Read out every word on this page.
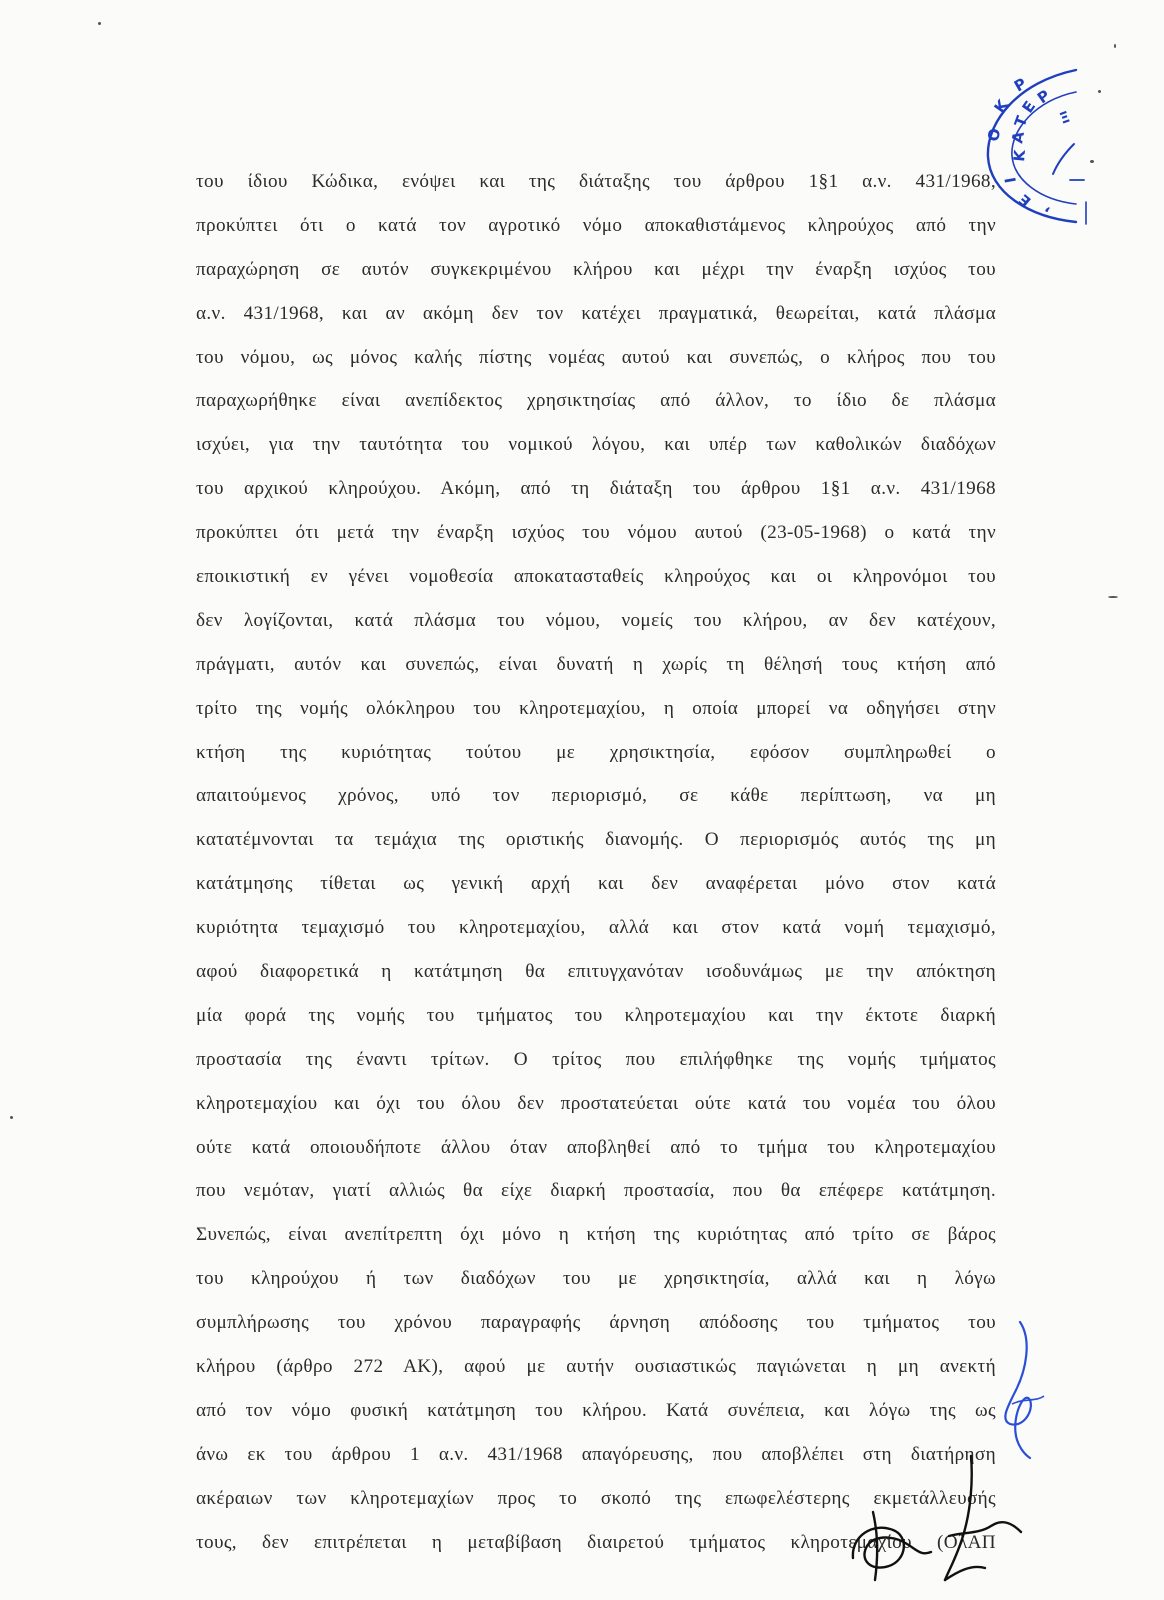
του ίδιου Κώδικα, ενόψει και της διάταξης του άρθρου 1§1 α.ν. 431/1968,
προκύπτει ότι ο κατά τον αγροτικό νόμο αποκαθιστάμενος κληρούχος από την
παραχώρηση σε αυτόν συγκεκριμένου κλήρου και μέχρι την έναρξη ισχύος του
α.ν. 431/1968, και αν ακόμη δεν τον κατέχει πραγματικά, θεωρείται, κατά πλάσμα
του νόμου, ως μόνος καλής πίστης νομέας αυτού και συνεπώς, ο κλήρος που του
παραχωρήθηκε είναι ανεπίδεκτος χρησικτησίας από άλλον, το ίδιο δε πλάσμα
ισχύει, για την ταυτότητα του νομικού λόγου, και υπέρ των καθολικών διαδόχων
του αρχικού κληρούχου. Ακόμη, από τη διάταξη του άρθρου 1§1 α.ν. 431/1968
προκύπτει ότι μετά την έναρξη ισχύος του νόμου αυτού (23-05-1968) ο κατά την
εποικιστική εν γένει νομοθεσία αποκατασταθείς κληρούχος και οι κληρονόμοι του
δεν λογίζονται, κατά πλάσμα του νόμου, νομείς του κλήρου, αν δεν κατέχουν,
πράγματι, αυτόν και συνεπώς, είναι δυνατή η χωρίς τη θέλησή τους κτήση από
τρίτο της νομής ολόκληρου του κληροτεμαχίου, η οποία μπορεί να οδηγήσει στην
κτήση της κυριότητας τούτου με χρησικτησία, εφόσον συμπληρωθεί ο
απαιτούμενος χρόνος, υπό τον περιορισμό, σε κάθε περίπτωση, να μη
κατατέμνονται τα τεμάχια της οριστικής διανομής. Ο περιορισμός αυτός της μη
κατάτμησης τίθεται ως γενική αρχή και δεν αναφέρεται μόνο στον κατά
κυριότητα τεμαχισμό του κληροτεμαχίου, αλλά και στον κατά νομή τεμαχισμό,
αφού διαφορετικά η κατάτμηση θα επιτυγχανόταν ισοδυνάμως με την απόκτηση
μία φορά της νομής του τμήματος του κληροτεμαχίου και την έκτοτε διαρκή
προστασία της έναντι τρίτων. Ο τρίτος που επιλήφθηκε της νομής τμήματος
κληροτεμαχίου και όχι του όλου δεν προστατεύεται ούτε κατά του νομέα του όλου
ούτε κατά οποιουδήποτε άλλου όταν αποβληθεί από το τμήμα του κληροτεμαχίου
που νεμόταν, γιατί αλλιώς θα είχε διαρκή προστασία, που θα επέφερε κατάτμηση.
Συνεπώς, είναι ανεπίτρεπτη όχι μόνο η κτήση της κυριότητας από τρίτο σε βάρος
του κληρούχου ή των διαδόχων του με χρησικτησία, αλλά και η λόγω
συμπλήρωσης του χρόνου παραγραφής άρνηση απόδοσης του τμήματος του
κλήρου (άρθρο 272 ΑΚ), αφού με αυτήν ουσιαστικώς παγιώνεται η μη ανεκτή
από τον νόμο φυσική κατάτμηση του κλήρου. Κατά συνέπεια, και λόγω της ως
άνω εκ του άρθρου 1 α.ν. 431/1968 απαγόρευσης, που αποβλέπει στη διατήρηση
ακέραιων των κληροτεμαχίων προς το σκοπό της επωφελέστερης εκμετάλλευσής
τους, δεν επιτρέπεται η μεταβίβαση διαιρετού τμήματος κληροτεμαχίου (ΟλΑΠ
Ο
Κ
Ρ
Κ
Α
Τ
Ε
Ρ
Ι
Ε
,
Ξ
